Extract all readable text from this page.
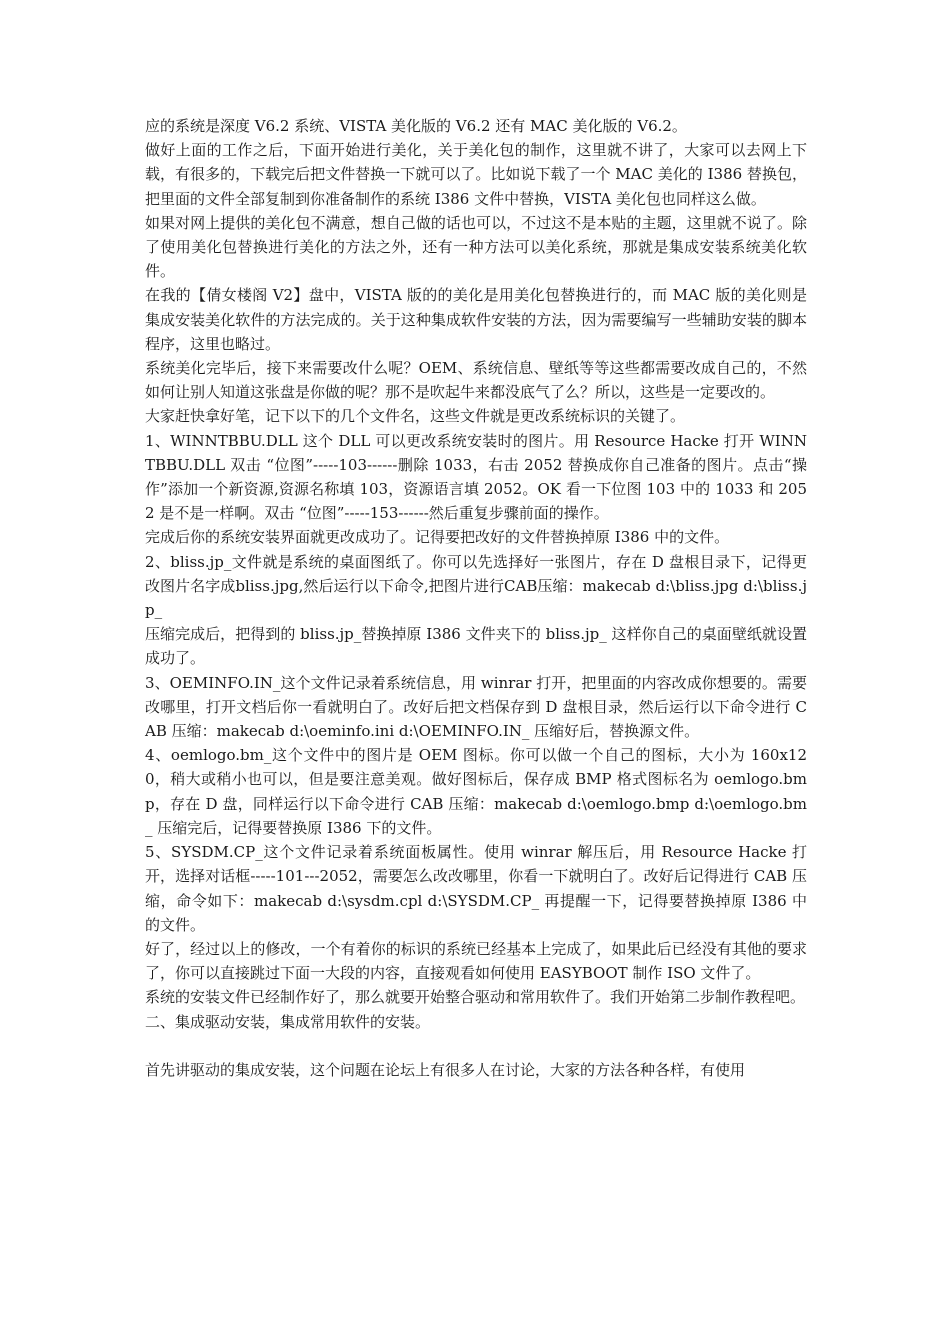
应的系统是深度 V6.2 系统、VISTA 美化版的 V6.2 还有 MAC 美化版的 V6.2。

做好上面的工作之后，下面开始进行美化，关于美化包的制作，这里就不讲了，大家可以去网上下载，有很多的，下载完后把文件替换一下就可以了。比如说下载了一个 MAC 美化的 I386 替换包，把里面的文件全部复制到你准备制作的系统 I386 文件中替换，VISTA 美化包也同样这么做。

如果对网上提供的美化包不满意，想自己做的话也可以，不过这不是本贴的主题，这里就不说了。除了使用美化包替换进行美化的方法之外，还有一种方法可以美化系统，那就是集成安装系统美化软件。

在我的【倩女楼阁 V2】盘中，VISTA 版的的美化是用美化包替换进行的，而 MAC 版的美化则是集成安装美化软件的方法完成的。关于这种集成软件安装的方法，因为需要编写一些辅助安装的脚本程序，这里也略过。

系统美化完毕后，接下来需要改什么呢？OEM、系统信息、壁纸等等这些都需要改成自己的，不然如何让别人知道这张盘是你做的呢？那不是吹起牛来都没底气了么？所以，这些是一定要改的。

大家赶快拿好笔，记下以下的几个文件名，这些文件就是更改系统标识的关键了。

1、WINNTBBU.DLL 这个 DLL 可以更改系统安装时的图片。用 Resource Hacke 打开 WINNTBBU.DLL 双击 “位图”-----103------删除 1033，右击 2052 替换成你自己准备的图片。点击“操作”添加一个新资源,资源名称填 103，资源语言填 2052。OK 看一下位图 103 中的 1033 和 2052 是不是一样啊。双击 “位图”-----153------然后重复步骤前面的操作。

完成后你的系统安装界面就更改成功了。记得要把改好的文件替换掉原 I386 中的文件。

2、bliss.jp_文件就是系统的桌面图纸了。你可以先选择好一张图片，存在 D 盘根目录下，记得更改图片名字成bliss.jpg,然后运行以下命令,把图片进行CAB压缩：makecab d:\bliss.jpg d:\bliss.jp_

压缩完成后，把得到的 bliss.jp_替换掉原 I386 文件夹下的 bliss.jp_ 这样你自己的桌面壁纸就设置成功了。

3、OEMINFO.IN_这个文件记录着系统信息，用 winrar 打开，把里面的内容改成你想要的。需要改哪里，打开文档后你一看就明白了。改好后把文档保存到 D 盘根目录，然后运行以下命令进行 CAB 压缩：makecab d:\oeminfo.ini d:\OEMINFO.IN_ 压缩好后，替换源文件。

4、oemlogo.bm_这个文件中的图片是 OEM 图标。你可以做一个自己的图标，大小为 160x120，稍大或稍小也可以，但是要注意美观。做好图标后，保存成 BMP 格式图标名为 oemlogo.bmp，存在 D 盘，同样运行以下命令进行 CAB 压缩：makecab d:\oemlogo.bmp d:\oemlogo.bm_ 压缩完后，记得要替换原 I386 下的文件。

5、SYSDM.CP_这个文件记录着系统面板属性。使用 winrar 解压后，用 Resource Hacke 打开，选择对话框-----101---2052，需要怎么改改哪里，你看一下就明白了。改好后记得进行 CAB 压缩，命令如下：makecab d:\sysdm.cpl d:\SYSDM.CP_ 再提醒一下，记得要替换掉原 I386 中的文件。

好了，经过以上的修改，一个有着你的标识的系统已经基本上完成了，如果此后已经没有其他的要求了，你可以直接跳过下面一大段的内容，直接观看如何使用 EASYBOOT 制作 ISO 文件了。

系统的安装文件已经制作好了，那么就要开始整合驱动和常用软件了。我们开始第二步制作教程吧。

二、集成驱动安装，集成常用软件的安装。

首先讲驱动的集成安装，这个问题在论坛上有很多人在讨论，大家的方法各种各样，有使用
